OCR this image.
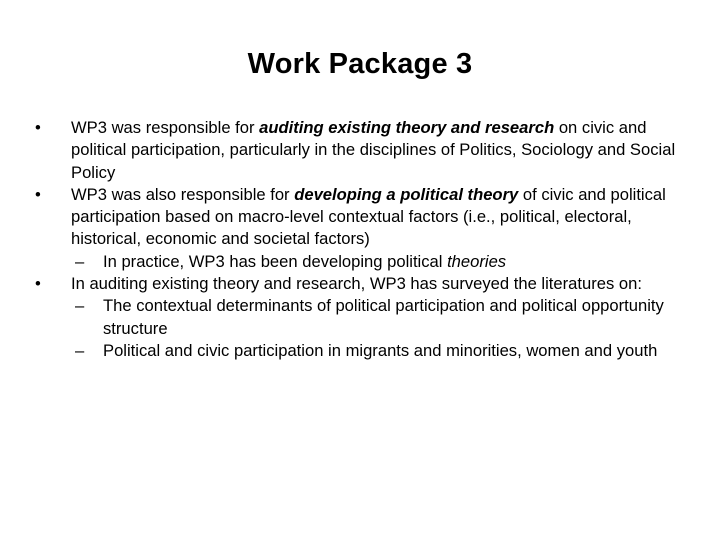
Work Package 3
• WP3 was responsible for auditing existing theory and research on civic and political participation, particularly in the disciplines of Politics, Sociology and Social Policy
• WP3 was also responsible for developing a political theory of civic and political participation based on macro-level contextual factors (i.e., political, electoral, historical, economic and societal factors)
– In practice, WP3 has been developing political theories
• In auditing existing theory and research, WP3 has surveyed the literatures on:
– The contextual determinants of political participation and political opportunity structure
– Political and civic participation in migrants and minorities, women and youth
